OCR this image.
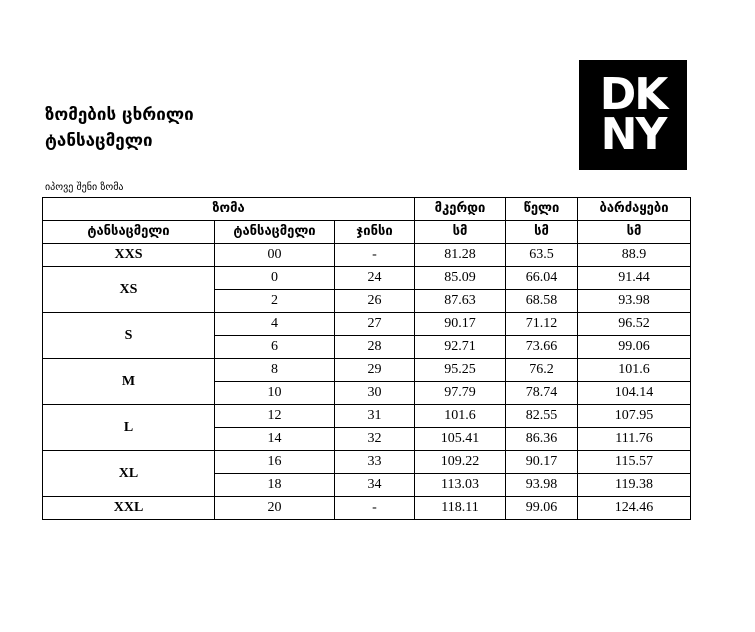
ზომების ცხრილი
ტანსაცმელი
DK
NY
იპოვე შენი ზომა
ზომა			მკერდი	წელი	ბარძაყები
ტანსაცმელი	ტანსაცმელი	ჯინსი	სმ	სმ	სმ
XXS	00	-	81.28	63.5	88.9
XS	0	24	85.09	66.04	91.44
	2	26	87.63	68.58	93.98
S	4	27	90.17	71.12	96.52
	6	28	92.71	73.66	99.06
M	8	29	95.25	76.2	101.6
	10	30	97.79	78.74	104.14
L	12	31	101.6	82.55	107.95
	14	32	105.41	86.36	111.76
XL	16	33	109.22	90.17	115.57
	18	34	113.03	93.98	119.38
XXL	20	-	118.11	99.06	124.46
